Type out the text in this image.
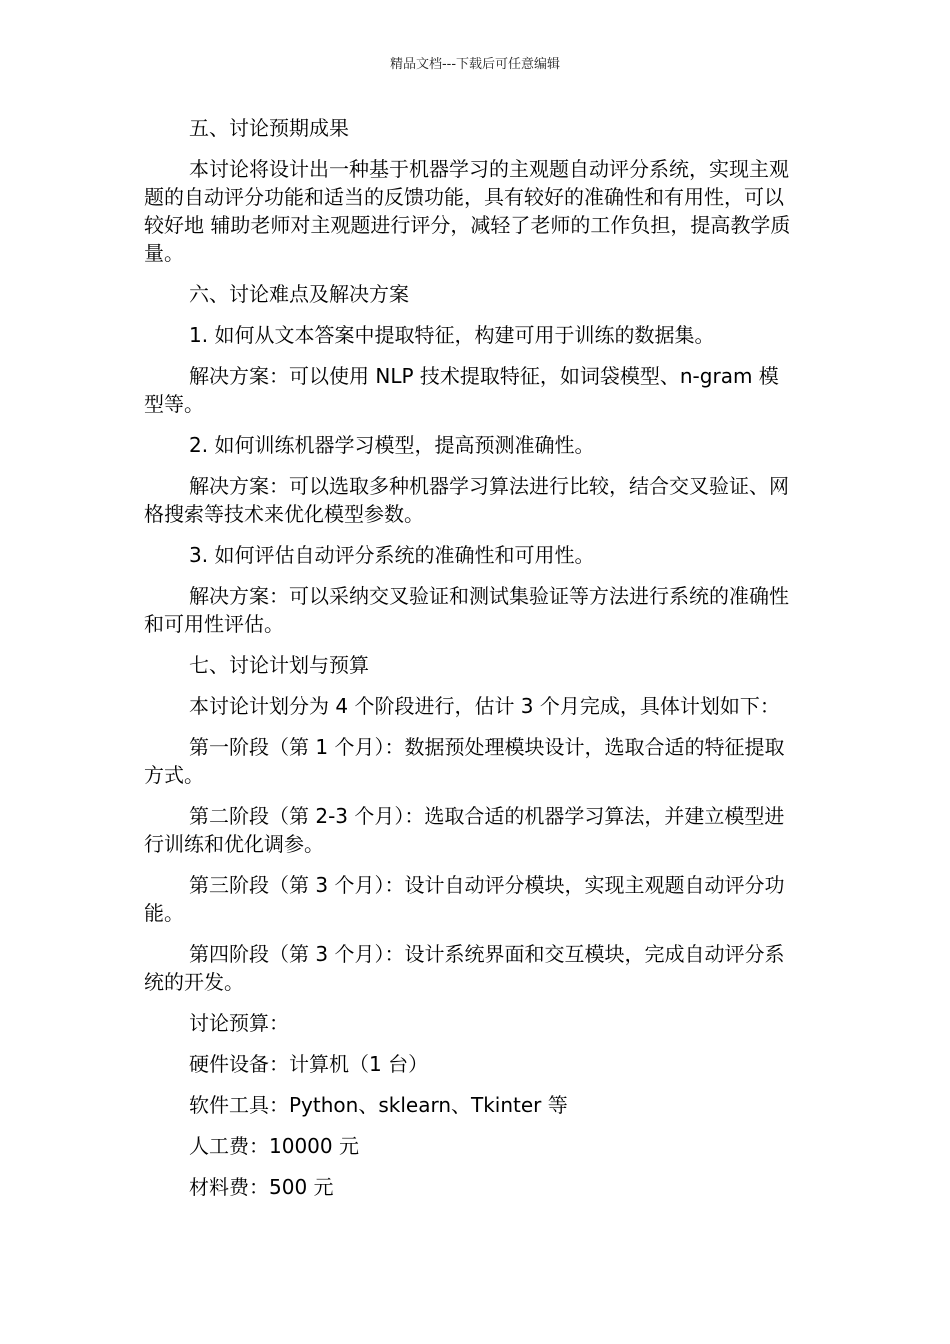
精品文档---下载后可任意编辑

五、讨论预期成果

本讨论将设计出一种基于机器学习的主观题自动评分系统，实现主观题的自动评分功能和适当的反馈功能，具有较好的准确性和有用性，可以较好地 辅助老师对主观题进行评分，减轻了老师的工作负担，提高教学质量。

六、讨论难点及解决方案

1. 如何从文本答案中提取特征，构建可用于训练的数据集。

解决方案：可以使用 NLP 技术提取特征，如词袋模型、n-gram 模型等。

2. 如何训练机器学习模型，提高预测准确性。

解决方案：可以选取多种机器学习算法进行比较，结合交叉验证、网格搜索等技术来优化模型参数。

3. 如何评估自动评分系统的准确性和可用性。

解决方案：可以采纳交叉验证和测试集验证等方法进行系统的准确性和可用性评估。

七、讨论计划与预算

本讨论计划分为 4 个阶段进行，估计 3 个月完成，具体计划如下：

第一阶段（第 1 个月）：数据预处理模块设计，选取合适的特征提取方式。

第二阶段（第 2-3 个月）：选取合适的机器学习算法，并建立模型进行训练和优化调参。

第三阶段（第 3 个月）：设计自动评分模块，实现主观题自动评分功能。

第四阶段（第 3 个月）：设计系统界面和交互模块，完成自动评分系统的开发。

讨论预算：

硬件设备：计算机（1 台）

软件工具：Python、sklearn、Tkinter 等

人工费：10000 元

材料费：500 元
